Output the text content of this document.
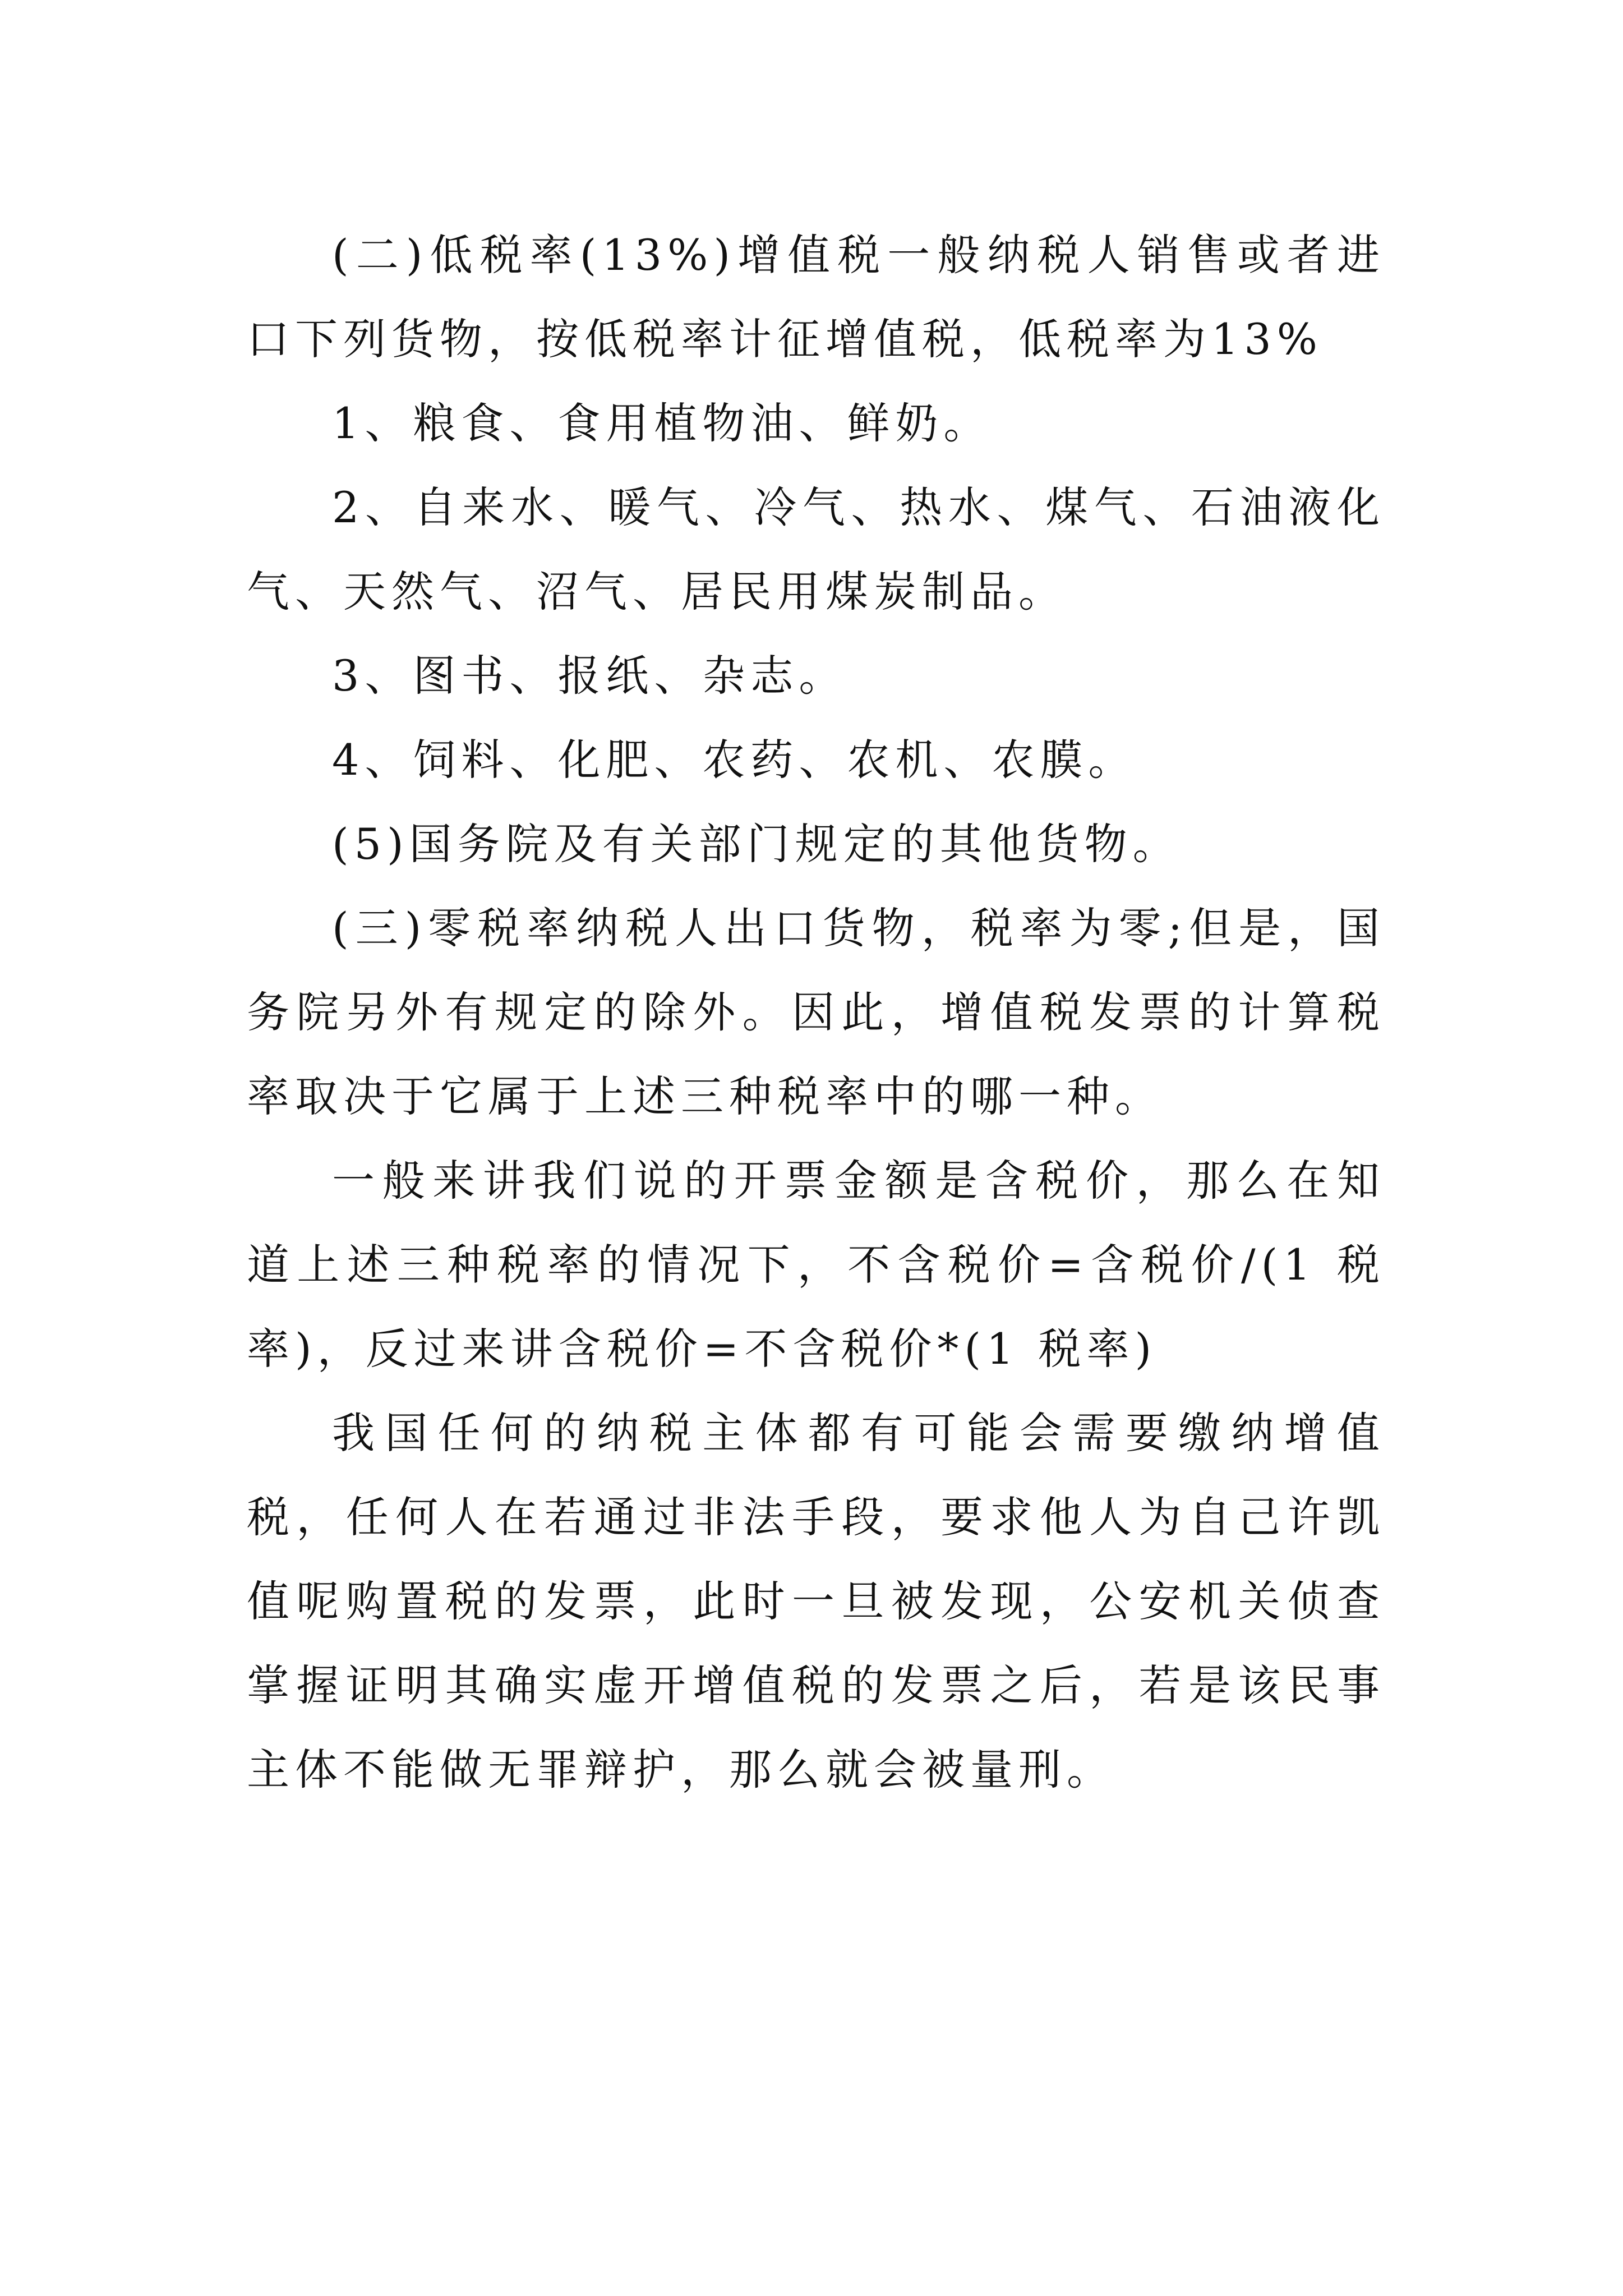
(二)低税率(13%)增值税一般纳税人销售或者进口下列货物，按低税率计征增值税，低税率为13%

1、粮食、食用植物油、鲜奶。

2、自来水、暖气、冷气、热水、煤气、石油液化气、天然气、沼气、居民用煤炭制品。

3、图书、报纸、杂志。

4、饲料、化肥、农药、农机、农膜。

(5)国务院及有关部门规定的其他货物。

(三)零税率纳税人出口货物，税率为零;但是，国务院另外有规定的除外。因此，增值税发票的计算税率取决于它属于上述三种税率中的哪一种。

一般来讲我们说的开票金额是含税价，那么在知道上述三种税率的情况下，不含税价=含税价/(1 税率)，反过来讲含税价=不含税价*(1 税率)

我国任何的纳税主体都有可能会需要缴纳增值税，任何人在若通过非法手段，要求他人为自己许凯值呢购置税的发票，此时一旦被发现，公安机关侦查掌握证明其确实虚开增值税的发票之后，若是该民事主体不能做无罪辩护，那么就会被量刑。
